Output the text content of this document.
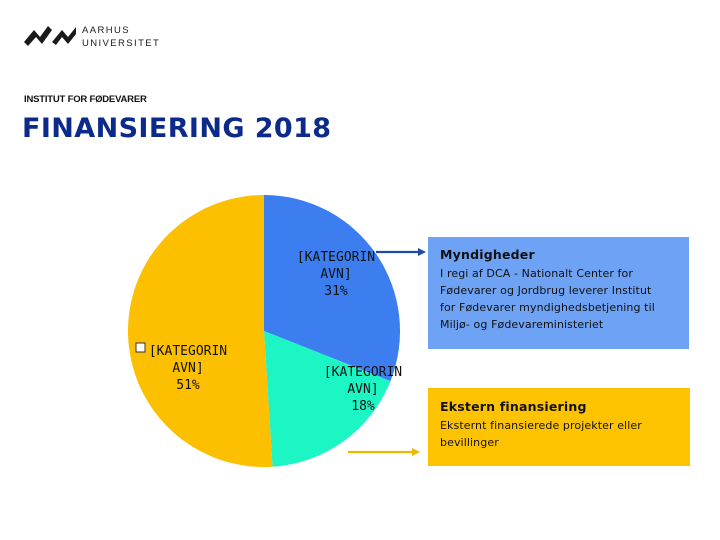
AARHUS
UNIVERSITET
INSTITUT FOR FØDEVARER
FINANSIERING 2018
[KATEGORIN
AVN]
31%
[KATEGORIN
AVN]
18%
[KATEGORIN
AVN]
51%
Myndigheder
I regi af DCA - Nationalt Center for
Fødevarer og Jordbrug leverer Institut
for Fødevarer myndighedsbetjening til
Miljø- og Fødevareministeriet
Ekstern finansiering
Eksternt finansierede projekter eller
bevillinger
